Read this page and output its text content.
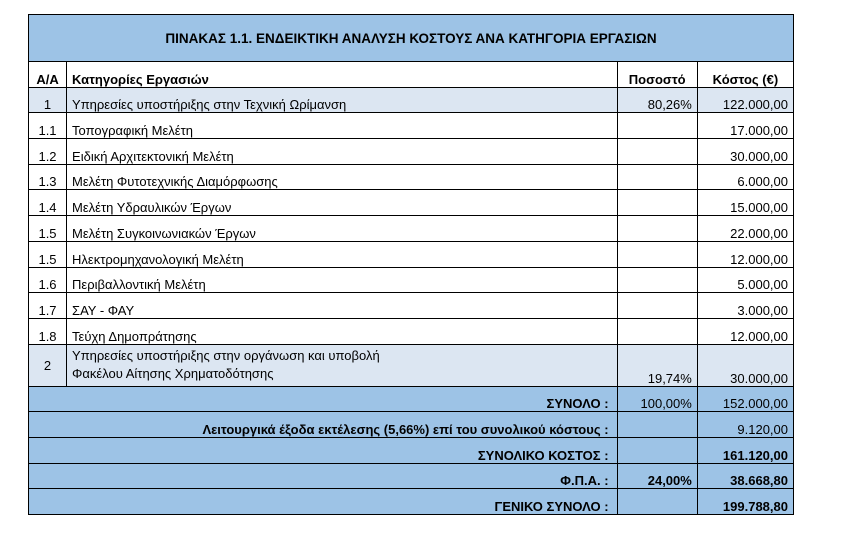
ΠΙΝΑΚΑΣ 1.1. ΕΝΔΕΙΚΤΙΚΗ ΑΝΑΛΥΣΗ ΚΟΣΤΟΥΣ ΑΝΑ ΚΑΤΗΓΟΡΙΑ ΕΡΓΑΣΙΩΝ			
Α/Α	Κατηγορίες Εργασιών	Ποσοστό	Κόστος (€)
1	Υπηρεσίες υποστήριξης στην Τεχνική Ωρίμανση	80,26%	122.000,00
1.1	Τοπογραφική Μελέτη		17.000,00
1.2	Ειδική Αρχιτεκτονική Μελέτη		30.000,00
1.3	Μελέτη Φυτοτεχνικής Διαμόρφωσης		6.000,00
1.4	Μελέτη Υδραυλικών Έργων		15.000,00
1.5	Μελέτη Συγκοινωνιακών Έργων		22.000,00
1.5	Ηλεκτρομηχανολογική Μελέτη		12.000,00
1.6	Περιβαλλοντική Μελέτη		5.000,00
1.7	ΣΑΥ - ΦΑΥ		3.000,00
1.8	Τεύχη Δημοπράτησης		12.000,00
2	Υπηρεσίες υποστήριξης στην οργάνωση και υποβολή
Φακέλου Αίτησης Χρηματοδότησης	19,74%	30.000,00
ΣΥΝΟΛΟ :		100,00%	152.000,00
Λειτουργικά έξοδα εκτέλεσης (5,66%) επί του συνολικού κόστους :			9.120,00
ΣΥΝΟΛΙΚΟ ΚΟΣΤΟΣ :			161.120,00
Φ.Π.Α. :		24,00%	38.668,80
ΓΕΝΙΚΟ ΣΥΝΟΛΟ :			199.788,80
